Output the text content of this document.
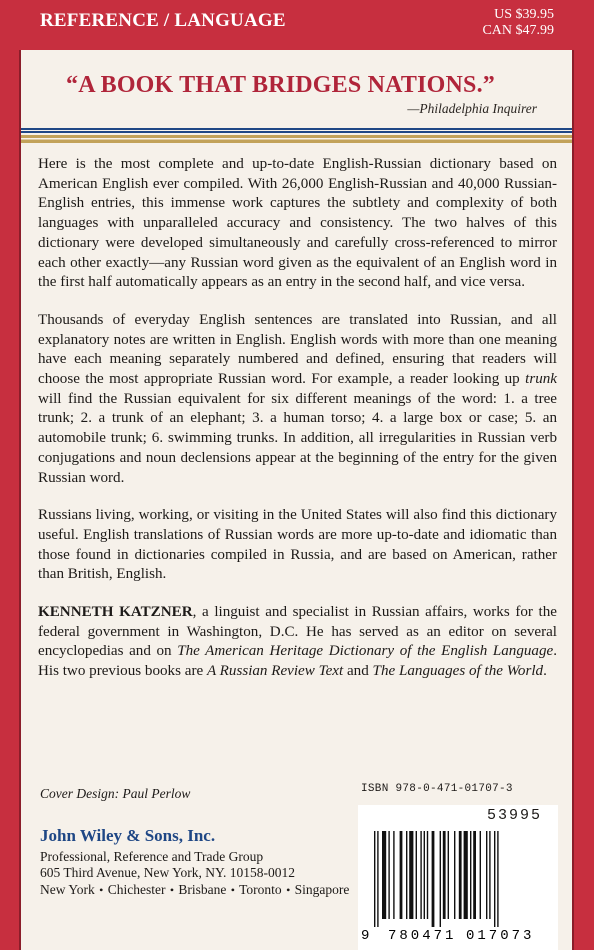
REFERENCE / LANGUAGE	US $39.95
CAN $47.99
“A BOOK THAT BRIDGES NATIONS.”
—Philadelphia Inquirer

Here is the most complete and up-to-date English-Russian dictionary based on American English ever compiled. With 26,000 English-Russian and 40,000 Russian-English entries, this immense work captures the subtlety and complexity of both languages with unparalleled accuracy and consistency. The two halves of this dictionary were developed simultaneously and carefully cross-referenced to mirror each other exactly—any Russian word given as the equivalent of an English word in the first half automatically appears as an entry in the second half, and vice versa.

Thousands of everyday English sentences are translated into Russian, and all explanatory notes are written in English. English words with more than one meaning have each meaning separately numbered and defined, ensuring that readers will choose the most appropriate Russian word. For example, a reader looking up trunk will find the Russian equivalent for six different meanings of the word: 1. a tree trunk; 2. a trunk of an elephant; 3. a human torso; 4. a large box or case; 5. an automobile trunk; 6. swimming trunks. In addition, all irregularities in Russian verb conjugations and noun declensions appear at the beginning of the entry for the given Russian word.

Russians living, working, or visiting in the United States will also find this dictionary useful. English translations of Russian words are more up-to-date and idiomatic than those found in dictionaries compiled in Russia, and are based on American, rather than British, English.

KENNETH KATZNER, a linguist and specialist in Russian affairs, works for the federal government in Washington, D.C. He has served as an editor on several encyclopedias and on The American Heritage Dictionary of the English Language. His two previous books are A Russian Review Text and The Languages of the World.

Cover Design: Paul Perlow
John Wiley & Sons, Inc.
Professional, Reference and Trade Group
605 Third Avenue, New York, NY. 10158-0012
New York • Chichester • Brisbane • Toronto • Singapore
ISBN 978-0-471-01707-3
53995
9 780471 017073
